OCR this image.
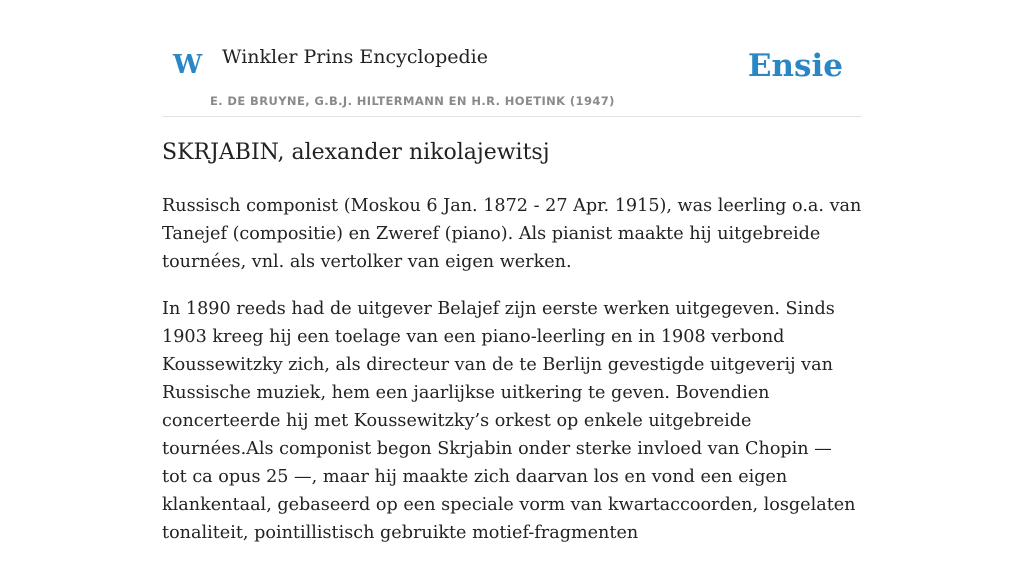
W Winkler Prins Encyclopedie
E. DE BRUYNE, G.B.J. HILTERMANN EN H.R. HOETINK (1947)
Ensie
SKRJABIN, alexander nikolajewitsj

Russisch componist (Moskou 6 Jan. 1872 - 27 Apr. 1915), was leerling o.a. van Tanejef (compositie) en Zweref (piano). Als pianist maakte hij uitgebreide tournées, vnl. als vertolker van eigen werken.

In 1890 reeds had de uitgever Belajef zijn eerste werken uitgegeven. Sinds 1903 kreeg hij een toelage van een piano-leerling en in 1908 verbond Koussewitzky zich, als directeur van de te Berlijn gevestigde uitgeverij van Russische muziek, hem een jaarlijkse uitkering te geven. Bovendien concerteerde hij met Koussewitzky’s orkest op enkele uitgebreide tournées.Als componist begon Skrjabin onder sterke invloed van Chopin — tot ca opus 25 —, maar hij maakte zich daarvan los en vond een eigen klankentaal, gebaseerd op een speciale vorm van kwartaccoorden, losgelaten tonaliteit, pointillistisch gebruikte motief-fragmenten
